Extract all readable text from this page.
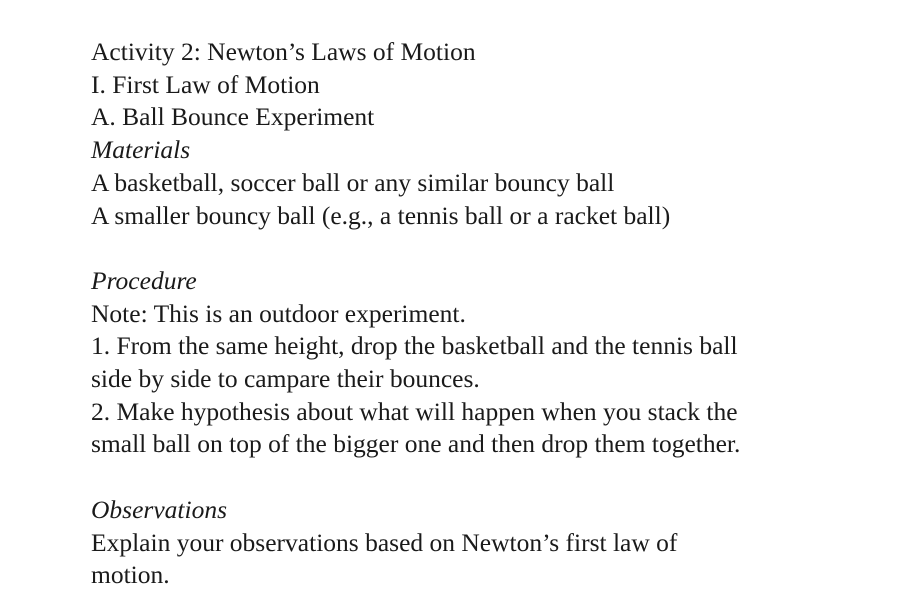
Activity 2: Newton’s Laws of Motion
I. First Law of Motion
A. Ball Bounce Experiment
Materials
A basketball, soccer ball or any similar bouncy ball
A smaller bouncy ball (e.g., a tennis ball or a racket ball)
Procedure
Note: This is an outdoor experiment.
1. From the same height, drop the basketball and the tennis ball
side by side to campare their bounces.
2. Make hypothesis about what will happen when you stack the
small ball on top of the bigger one and then drop them together.
Observations
Explain your observations based on Newton’s first law of
motion.
